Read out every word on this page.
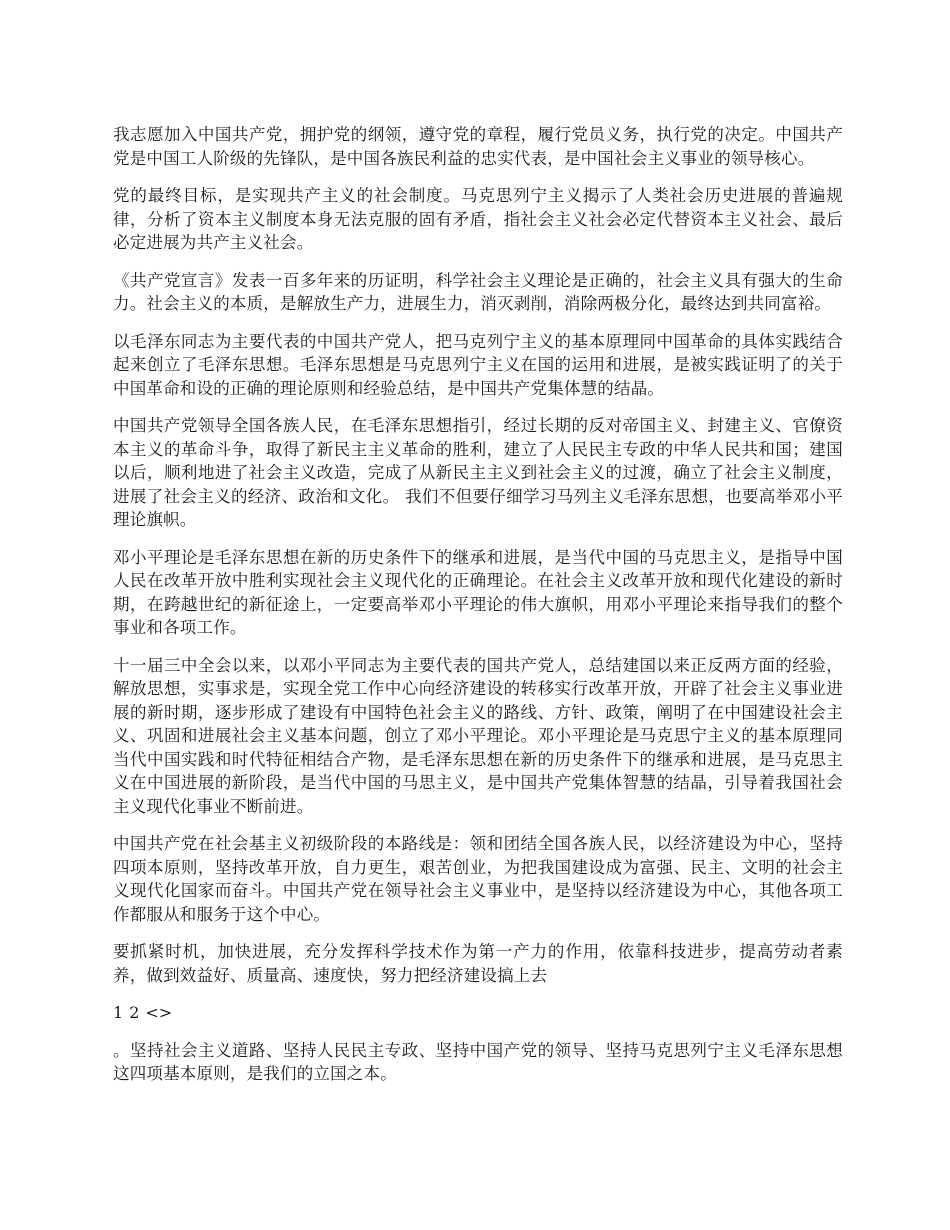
我志愿加入中国共产党，拥护党的纲领，遵守党的章程，履行党员义务，执行党的决定。中国共产党是中国工人阶级的先锋队，是中国各族民利益的忠实代表，是中国社会主义事业的领导核心。

党的最终目标，是实现共产主义的社会制度。马克思列宁主义揭示了人类社会历史进展的普遍规律，分析了资本主义制度本身无法克服的固有矛盾，指社会主义社会必定代替资本主义社会、最后必定进展为共产主义社会。

《共产党宣言》发表一百多年来的历证明，科学社会主义理论是正确的，社会主义具有强大的生命力。社会主义的本质，是解放生产力，进展生力，消灭剥削，消除两极分化，最终达到共同富裕。

以毛泽东同志为主要代表的中国共产党人，把马克列宁主义的基本原理同中国革命的具体实践结合起来创立了毛泽东思想。毛泽东思想是马克思列宁主义在国的运用和进展，是被实践证明了的关于中国革命和设的正确的理论原则和经验总结，是中国共产党集体慧的结晶。

中国共产党领导全国各族人民，在毛泽东思想指引，经过长期的反对帝国主义、封建主义、官僚资本主义的革命斗争，取得了新民主主义革命的胜利，建立了人民民主专政的中华人民共和国；建国以后，顺利地进了社会主义改造，完成了从新民主主义到社会主义的过渡，确立了社会主义制度，进展了社会主义的经济、政治和文化。 我们不但要仔细学习马列主义毛泽东思想，也要高举邓小平理论旗帜。

邓小平理论是毛泽东思想在新的历史条件下的继承和进展，是当代中国的马克思主义，是指导中国人民在改革开放中胜利实现社会主义现代化的正确理论。在社会主义改革开放和现代化建设的新时期，在跨越世纪的新征途上，一定要高举邓小平理论的伟大旗帜，用邓小平理论来指导我们的整个事业和各项工作。

十一届三中全会以来，以邓小平同志为主要代表的国共产党人，总结建国以来正反两方面的经验，解放思想，实事求是，实现全党工作中心向经济建设的转移实行改革开放，开辟了社会主义事业进展的新时期，逐步形成了建设有中国特色社会主义的路线、方针、政策，阐明了在中国建设社会主义、巩固和进展社会主义基本问题，创立了邓小平理论。邓小平理论是马克思宁主义的基本原理同当代中国实践和时代特征相结合产物，是毛泽东思想在新的历史条件下的继承和进展，是马克思主义在中国进展的新阶段，是当代中国的马思主义，是中国共产党集体智慧的结晶，引导着我国社会主义现代化事业不断前进。

中国共产党在社会基主义初级阶段的本路线是：领和团结全国各族人民，以经济建设为中心，坚持四项本原则，坚持改革开放，自力更生，艰苦创业，为把我国建设成为富强、民主、文明的社会主义现代化国家而奋斗。中国共产党在领导社会主义事业中，是坚持以经济建设为中心，其他各项工作都服从和服务于这个中心。

要抓紧时机，加快进展，充分发挥科学技术作为第一产力的作用，依靠科技进步，提高劳动者素养，做到效益好、质量高、速度快，努力把经济建设搞上去

1 2 < >

。坚持社会主义道路、坚持人民民主专政、坚持中国产党的领导、坚持马克思列宁主义毛泽东思想这四项基本原则，是我们的立国之本。
